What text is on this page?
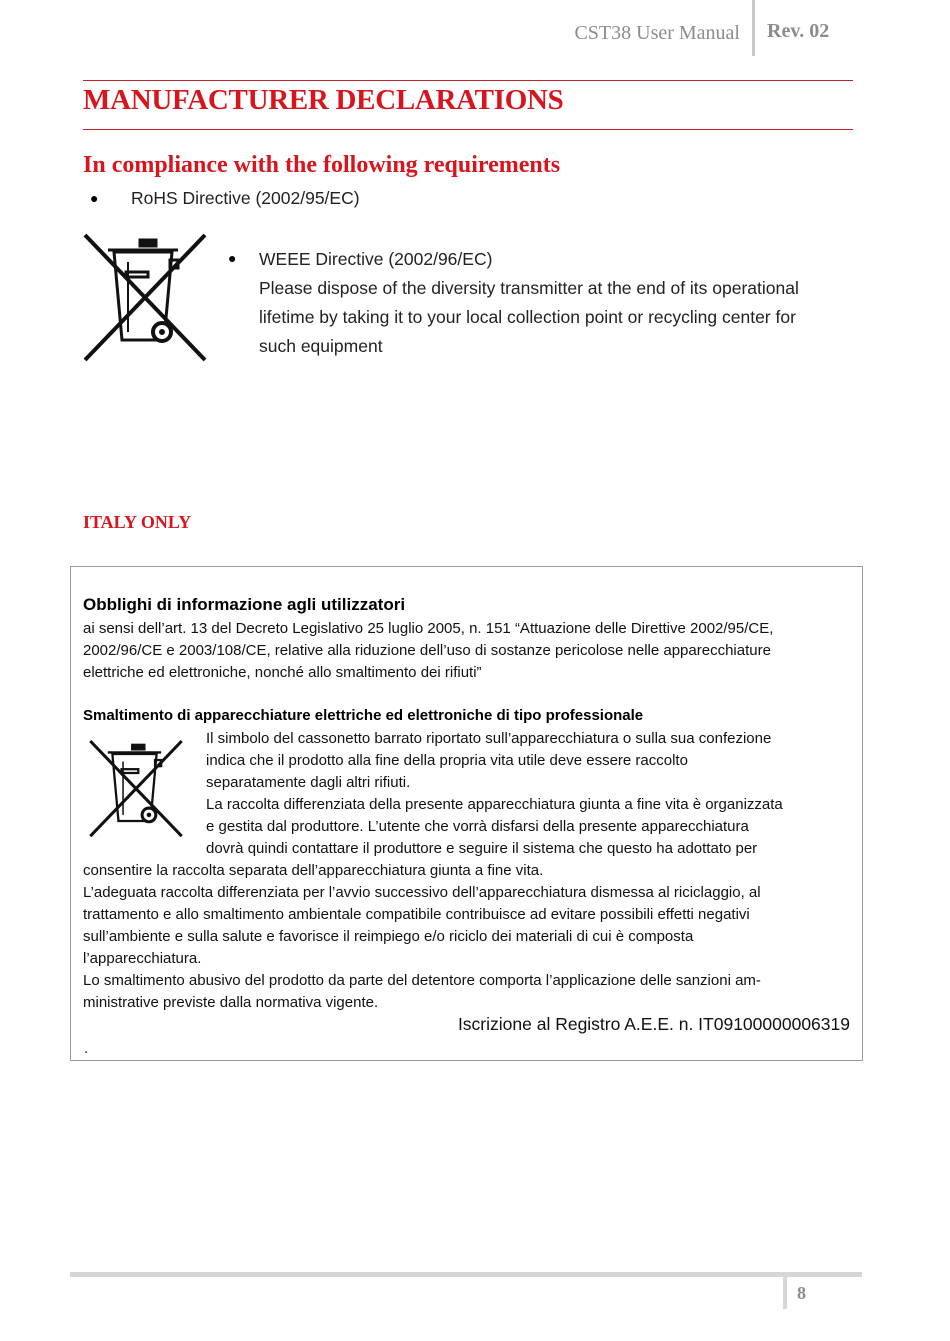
CST38 User Manual Rev. 02
MANUFACTURER DECLARATIONS
In compliance with the following requirements
● RoHS Directive (2002/95/EC)
● WEEE Directive (2002/96/EC)
Please dispose of the diversity transmitter at the end of its operational
lifetime by taking it to your local collection point or recycling center for
such equipment
ITALY ONLY
Obblighi di informazione agli utilizzatori
ai sensi dell’art. 13 del Decreto Legislativo 25 luglio 2005, n. 151 “Attuazione delle Direttive 2002/95/CE,
2002/96/CE e 2003/108/CE, relative alla riduzione dell’uso di sostanze pericolose nelle apparecchiature
elettriche ed elettroniche, nonché allo smaltimento dei rifiuti”
Smaltimento di apparecchiature elettriche ed elettroniche di tipo professionale
Il simbolo del cassonetto barrato riportato sull’apparecchiatura o sulla sua confezione
indica che il prodotto alla fine della propria vita utile deve essere raccolto
separatamente dagli altri rifiuti.
La raccolta differenziata della presente apparecchiatura giunta a fine vita è organizzata
e gestita dal produttore. L’utente che vorrà disfarsi della presente apparecchiatura
dovrà quindi contattare il produttore e seguire il sistema che questo ha adottato per
consentire la raccolta separata dell’apparecchiatura giunta a fine vita.
L’adeguata raccolta differenziata per l’avvio successivo dell’apparecchiatura dismessa al riciclaggio, al
trattamento e allo smaltimento ambientale compatibile contribuisce ad evitare possibili effetti negativi
sull’ambiente e sulla salute e favorisce il reimpiego e/o riciclo dei materiali di cui è composta
l’apparecchiatura.
Lo smaltimento abusivo del prodotto da parte del detentore comporta l’applicazione delle sanzioni am-
ministrative previste dalla normativa vigente.
Iscrizione al Registro A.E.E. n. IT09100000006319
.
8
